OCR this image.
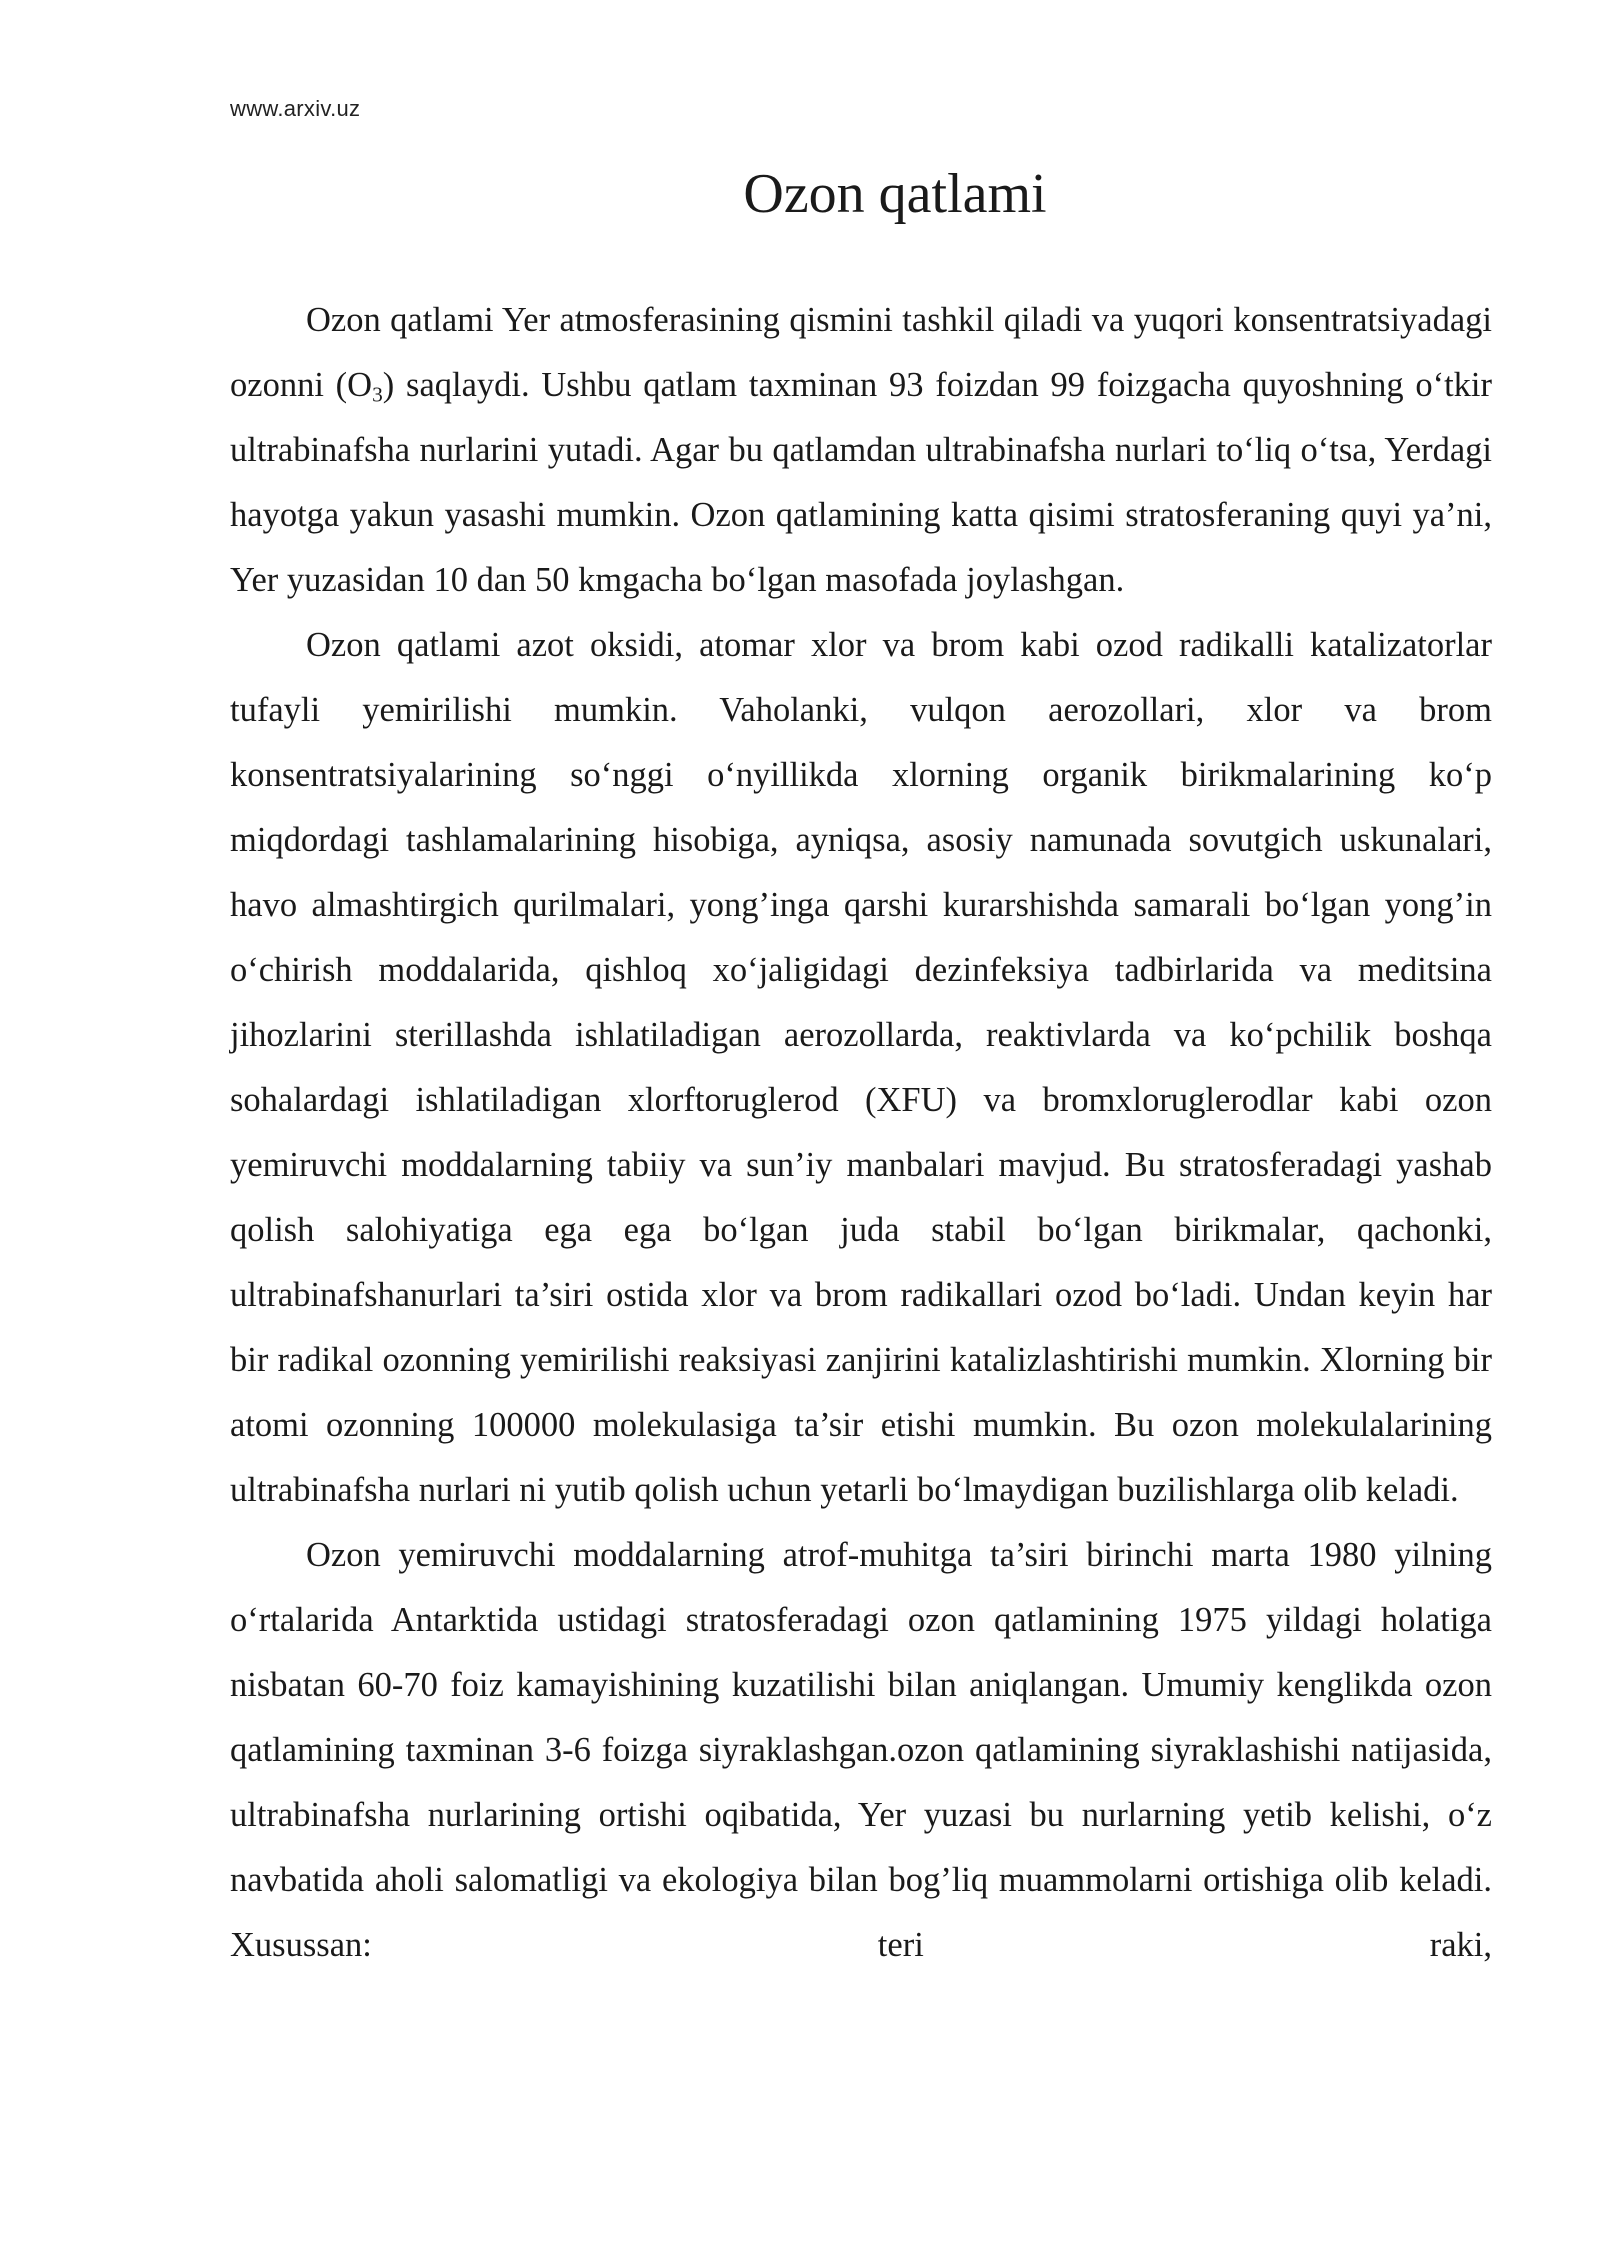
www.arxiv.uz
Ozon qatlami

Ozon qatlami Yer atmosferasining qismini tashkil qiladi va yuqori konsentratsiyadagi ozonni $(O_3)$ saqlaydi. Ushbu qatlam taxminan 93 foizdan 99 foizgacha quyoshning o‘tkir ultrabinafsha nurlarini yutadi. Agar bu qatlamdan ultrabinafsha nurlari to‘liq o‘tsa, Yerdagi hayotga yakun yasashi mumkin. Ozon qatlamining katta qisimi stratosferaning quyi ya’ni, Yer yuzasidan 10 dan 50 kmgacha bo‘lgan masofada joylashgan.

Ozon qatlami azot oksidi, atomar xlor va brom kabi ozod radikalli katalizatorlar tufayli yemirilishi mumkin. Vaholanki, vulqon aerozollari, xlor va brom konsentratsiyalarining so‘nggi o‘nyillikda xlorning organik birikmalarining ko‘p miqdordagi tashlamalarining hisobiga, ayniqsa, asosiy namunada sovutgich uskunalari, havo almashtirgich qurilmalari, yong’inga qarshi kurarshishda samarali bo‘lgan yong’in o‘chirish moddalarida, qishloq xo‘jaligidagi dezinfeksiya tadbirlarida va meditsina jihozlarini sterillashda ishlatiladigan aerozollarda, reaktivlarda va ko‘pchilik boshqa sohalardagi ishlatiladigan xlorftoruglerod (XFU) va bromxloruglerodlar kabi ozon yemiruvchi moddalarning tabiiy va sun’iy manbalari mavjud. Bu stratosferadagi yashab qolish salohiyatiga ega ega bo‘lgan juda stabil bo‘lgan birikmalar, qachonki, ultrabinafshanurlari ta’siri ostida xlor va brom radikallari ozod bo‘ladi. Undan keyin har bir radikal ozonning yemirilishi reaksiyasi zanjirini katalizlashtirishi mumkin. Xlorning bir atomi ozonning 100000 molekulasiga ta’sir etishi mumkin. Bu ozon molekulalarining ultrabinafsha nurlari ni yutib qolish uchun yetarli bo‘lmaydigan buzilishlarga olib keladi.

Ozon yemiruvchi moddalarning atrof-muhitga ta’siri birinchi marta 1980 yilning o‘rtalarida Antarktida ustidagi stratosferadagi ozon qatlamining 1975 yildagi holatiga nisbatan 60-70 foiz kamayishining kuzatilishi bilan aniqlangan. Umumiy kenglikda ozon qatlamining taxminan 3-6 foizga siyraklashgan.ozon qatlamining siyraklashishi natijasida, ultrabinafsha nurlarining ortishi oqibatida, Yer yuzasi bu nurlarning yetib kelishi, o‘z navbatida aholi salomatligi va ekologiya bilan bog’liq muammolarni ortishiga olib keladi. Xusussan: teri raki,
